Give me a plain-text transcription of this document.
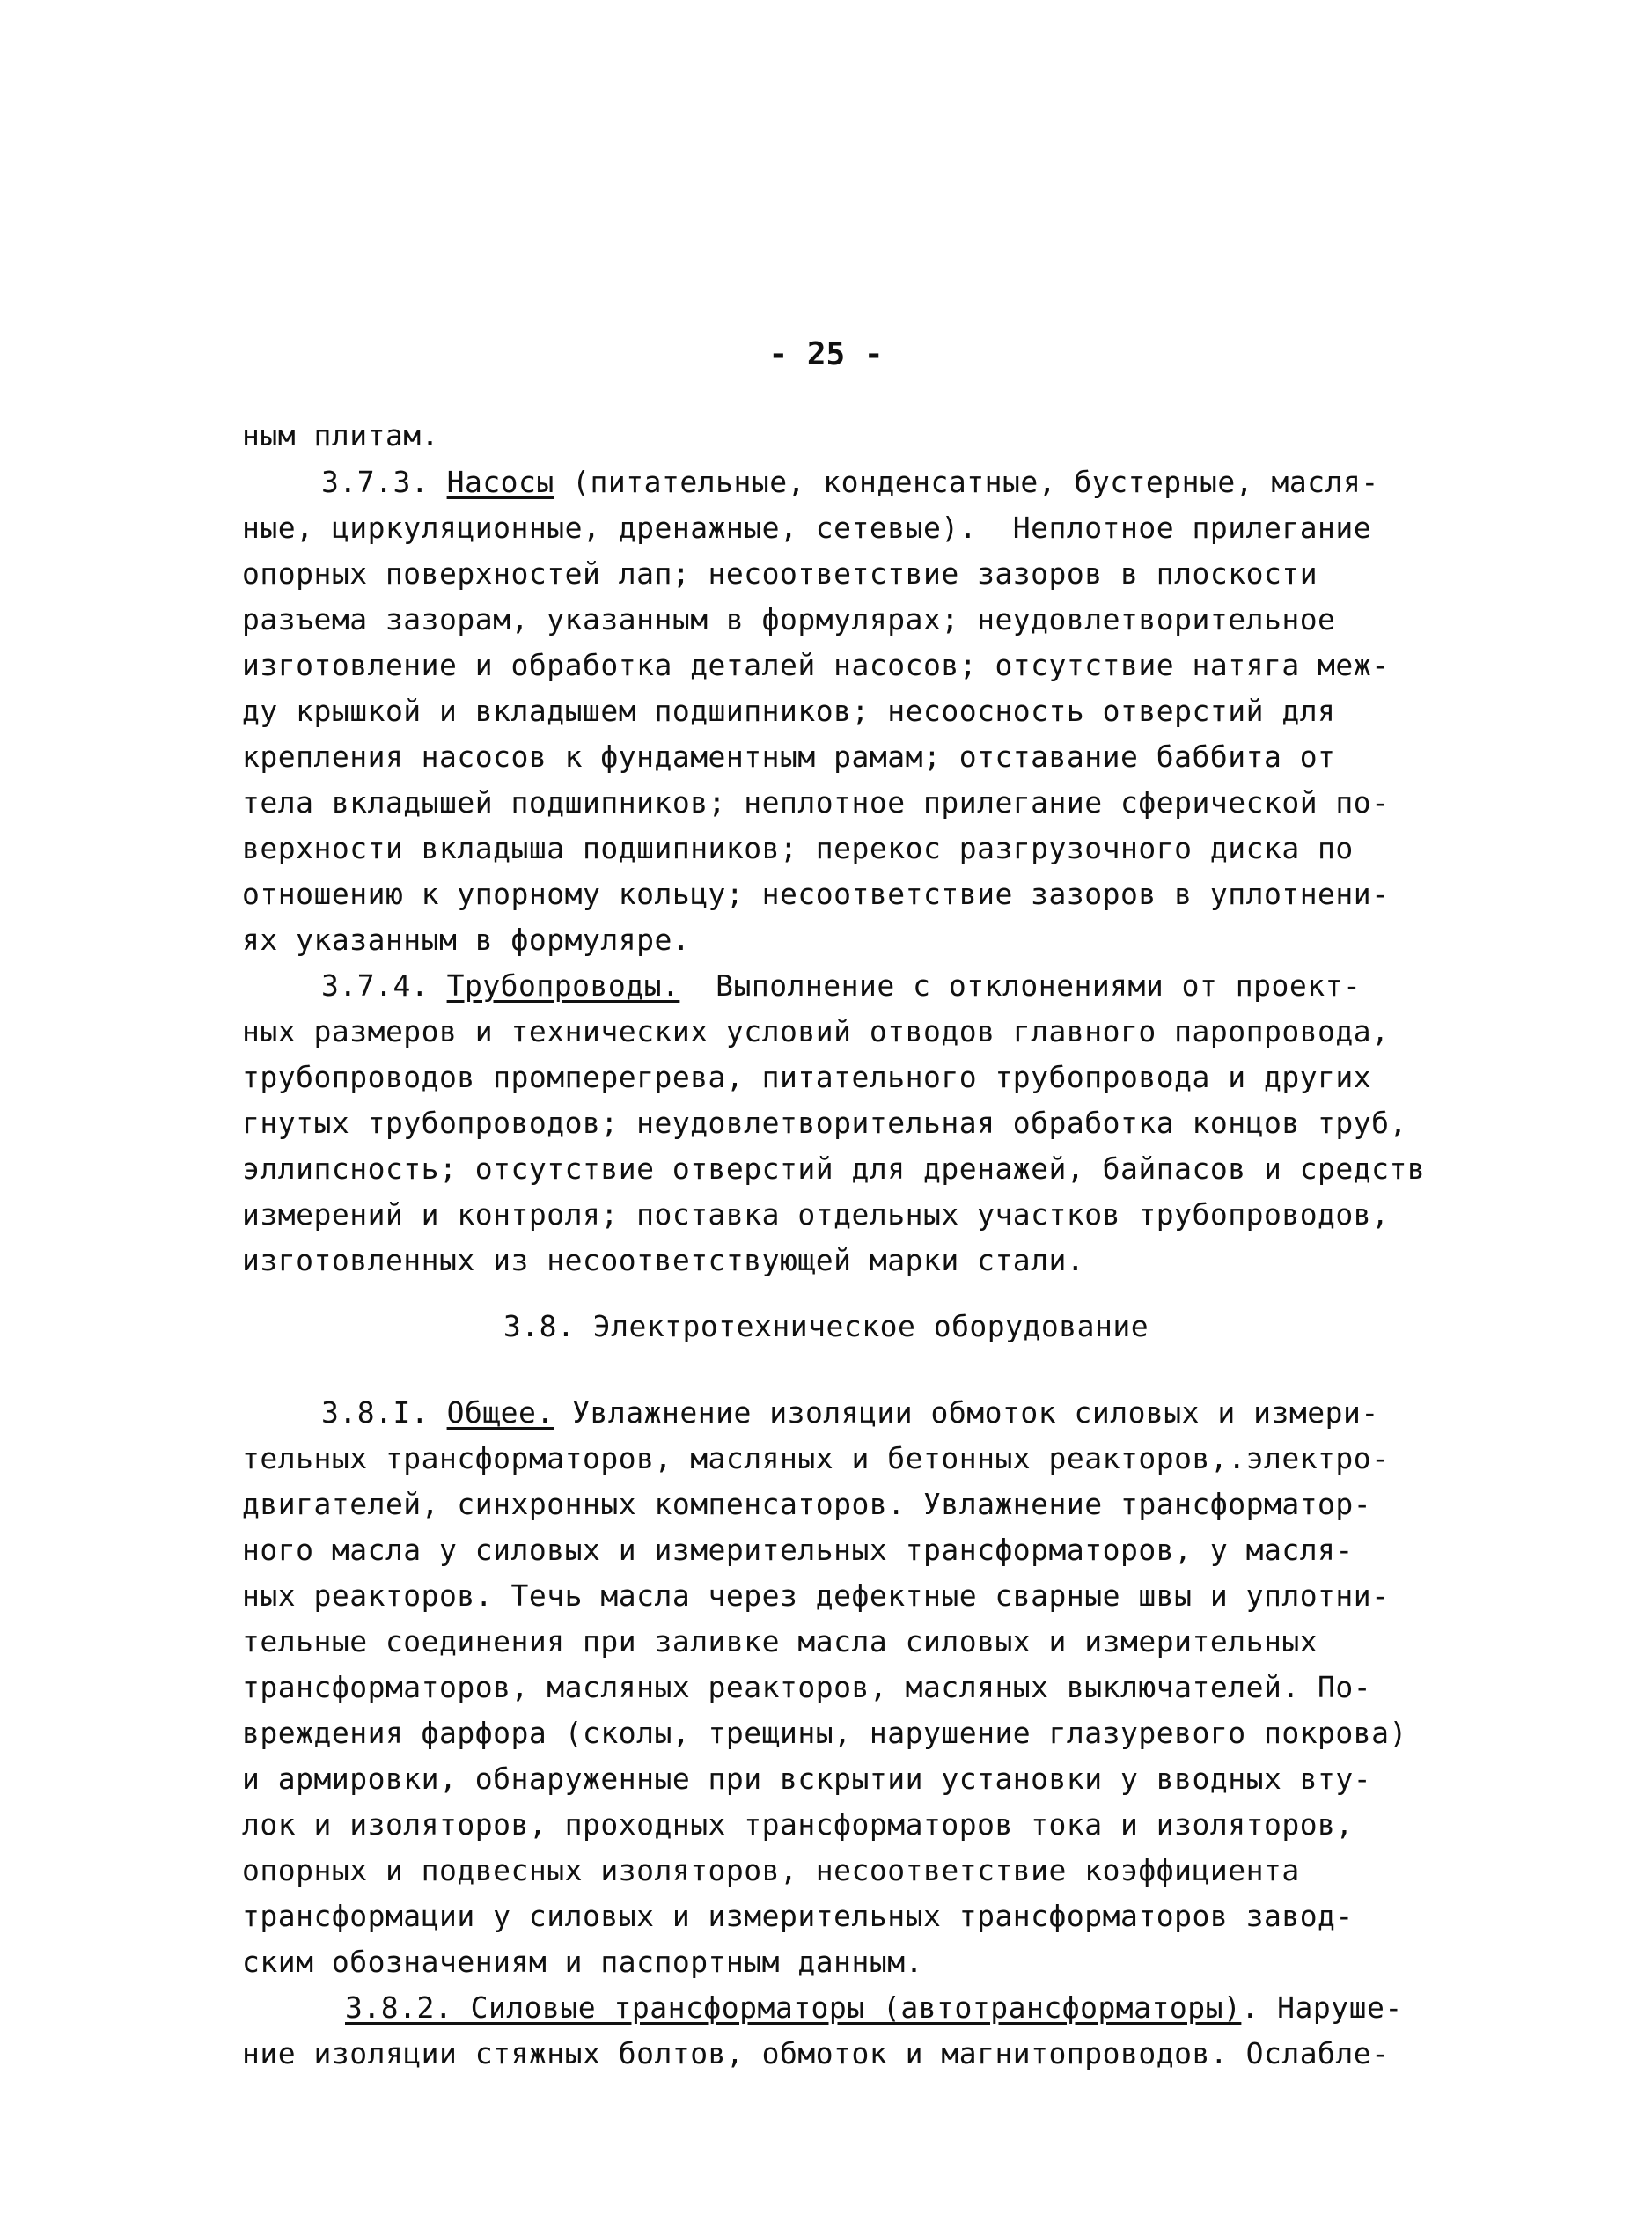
- 25 -
ным плитам.
3.7.3. Насосы (питательные, конденсатные, бустерные, масля-
ные, циркуляционные, дренажные, сетевые).  Неплотное прилегание
опорных поверхностей лап; несоответствие зазоров в плоскости
разъема зазорам, указанным в формулярах; неудовлетворительное
изготовление и обработка деталей насосов; отсутствие натяга меж-
ду крышкой и вкладышем подшипников; несоосность отверстий для
крепления насосов к фундаментным рамам; отставание баббита от
тела вкладышей подшипников; неплотное прилегание сферической по-
верхности вкладыша подшипников; перекос разгрузочного диска по
отношению к упорному кольцу; несоответствие зазоров в уплотнени-
ях указанным в формуляре.
3.7.4. Трубопроводы.  Выполнение с отклонениями от проект-
ных размеров и технических условий отводов главного паропровода,
трубопроводов промперегрева, питательного трубопровода и других
гнутых трубопроводов; неудовлетворительная обработка концов труб,
эллипсность; отсутствие отверстий для дренажей, байпасов и средств
измерений и контроля; поставка отдельных участков трубопроводов,
изготовленных из несоответствующей марки стали.
3.8. Электротехническое оборудование
3.8.I. Общее. Увлажнение изоляции обмоток силовых и измери-
тельных трансформаторов, масляных и бетонных реакторов,.электро-
двигателей, синхронных компенсаторов. Увлажнение трансформатор-
ного масла у силовых и измерительных трансформаторов, у масля-
ных реакторов. Течь масла через дефектные сварные швы и уплотни-
тельные соединения при заливке масла силовых и измерительных
трансформаторов, масляных реакторов, масляных выключателей. По-
вреждения фарфора (сколы, трещины, нарушение глазуревого покрова)
и армировки, обнаруженные при вскрытии установки у вводных вту-
лок и изоляторов, проходных трансформаторов тока и изоляторов,
опорных и подвесных изоляторов, несоответствие коэффициента
трансформации у силовых и измерительных трансформаторов завод-
ским обозначениям и паспортным данным.
3.8.2. Силовые трансформаторы (автотрансформаторы). Наруше-
ние изоляции стяжных болтов, обмоток и магнитопроводов. Ослабле-
